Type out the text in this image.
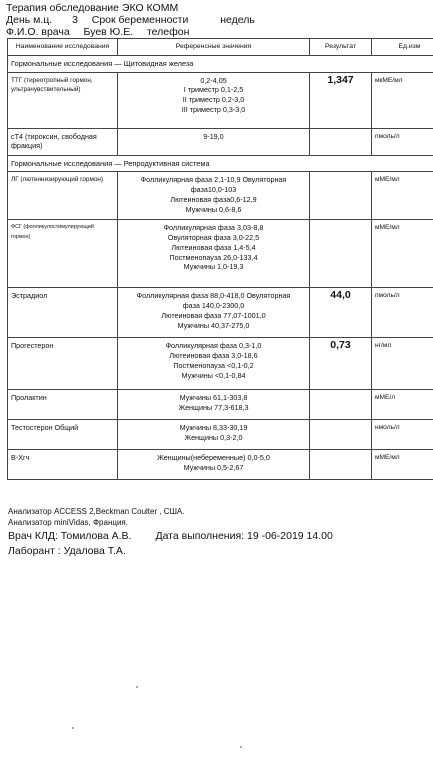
Терапия обследование ЭКО КОММ
День м.ц. 3 Срок беременности	недель
Ф.И.О. врача Буев Ю.Е. телефон
Наименование исследования	Референсные значения	Результат	Ед.изм
Гормональные исследования — Щитовидная железа			
ТТГ (тиреотропный гормон, ультрачувствительный)	0,2-4,05
I триместр 0,1-2,5
II триместр 0,2-3,0
III триместр 0,3-3,0	1,347	мкМЕ/мл
сТ4 (тироксин, свободная фракция)	9-19,0		пмоль/л
Гормональные исследования — Репродуктивная система			
ЛГ (лютеинизирующий гормон)	Фолликулярная фаза 2,1-10,9 Овуляторная
фаза10,0-103
Лютеиновая фаза0,6-12,9
Мужчины 0,6-8,6		мМЕ/мл
ФСГ (фолликулостимулирующий гормон)	Фолликулярная фаза 3,03-8,8
Овуляторная фаза 3,0-22,5
Лютеиновая фаза 1,4-5,4
Постменопауза 26,0-133,4
Мужчины 1,0-19,3		мМЕ/мл
Эстрадиол	Фолликулярная фаза 88,0-418,0 Овуляторная
фаза 140,0-2300,0
Лютеиновая фаза 77,07-1001,0
Мужчины 40,37-275,0	44,0	пмоль/л
Прогестерон	Фолликулярная фаза 0,3-1,0
Лютеиновая фаза 3,0-18,6
Постменопауза <0,1-0,2
Мужчины <0,1-0,84	0,73	нг/мл
Пролактин	Мужчины 61,1-303,8
Женщины 77,3-618,3		мМЕ/л
Тестостерон Общий	Мужчины 8,33-30,19
Женщины 0,3-2,0		нмоль/л
В-Хгч	Женщины(небеременные) 0,0-5,0
Мужчины 0,5-2,67		мМЕ/мл
Анализатор ACCESS 2,Beckman Coulter , США.
Анализатор miniVidas, Франция.
Врач КЛД: Томилова А.В. Дата выполнения: 19 -06-2019 14.00
Лаборант : Удалова Т.А.
